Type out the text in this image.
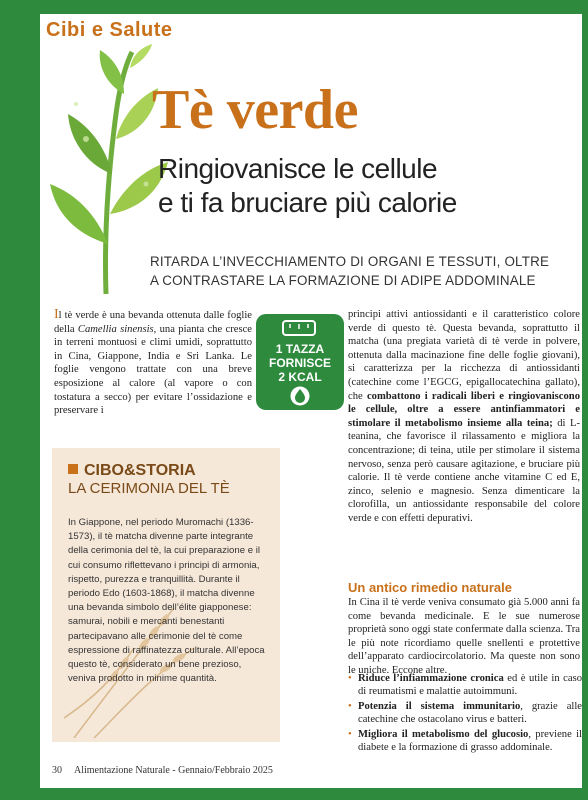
Cibi e Salute
Tè verde
Ringiovanisce le cellule
e ti fa bruciare più calorie
RITARDA L’INVECCHIAMENTO DI ORGANI E TESSUTI, OLTRE
A CONTRASTARE LA FORMAZIONE DI ADIPE ADDOMINALE
Il tè verde è una bevanda ottenuta dalle foglie della Camellia sinensis, una pianta che cresce in terreni montuosi e climi umidi, soprattutto in Cina, Giappone, India e Sri Lanka. Le foglie vengono trattate con una breve esposizione al calore (al vapore o con tostatura a secco) per evitare l’ossidazione e preservare i
1 TAZZA
FORNISCE
2 KCAL
principi attivi antiossidanti e il caratteristico colore verde di questo tè. Questa bevanda, soprattutto il matcha (una pregiata varietà di tè verde in polvere, ottenuta dalla macinazione fine delle foglie giovani), si caratterizza per la ricchezza di antiossidanti (catechine come l’EGCG, epigallocatechina gallato), che combattono i radicali liberi e ringiovaniscono le cellule, oltre a essere antinfiammatori e stimolare il metabolismo insieme alla teina; di L-teanina, che favorisce il rilassamento e migliora la concentrazione; di teina, utile per stimolare il sistema nervoso, senza però causare agitazione, e bruciare più calorie. Il tè verde contiene anche vitamine C ed E, zinco, selenio e magnesio. Senza dimenticare la clorofilla, un antiossidante responsabile del colore verde e con effetti depurativi.
CIBO&STORIA
LA CERIMONIA DEL TÈ
In Giappone, nel periodo Muromachi (1336-1573), il tè matcha divenne parte integrante della cerimonia del tè, la cui preparazione e il cui consumo riflettevano i principi di armonia, rispetto, purezza e tranquillità. Durante il periodo Edo (1603-1868), il matcha divenne una bevanda simbolo dell’élite giapponese: samurai, nobili e mercanti benestanti partecipavano alle cerimonie del tè come espressione di raffinatezza culturale. All’epoca questo tè, considerato un bene prezioso, veniva prodotto in minime quantità.
Un antico rimedio naturale
In Cina il tè verde veniva consumato già 5.000 anni fa come bevanda medicinale. E le sue numerose proprietà sono oggi state confermate dalla scienza. Tra le più note ricordiamo quelle snellenti e protettive dell’apparato cardiocircolatorio. Ma queste non sono le uniche. Eccone altre.
• Riduce l’infiammazione cronica ed è utile in caso di reumatismi e malattie autoimmuni.
• Potenzia il sistema immunitario, grazie alle catechine che ostacolano virus e batteri.
• Migliora il metabolismo del glucosio, previene il diabete e la formazione di grasso addominale.
30 Alimentazione Naturale - Gennaio/Febbraio 2025
